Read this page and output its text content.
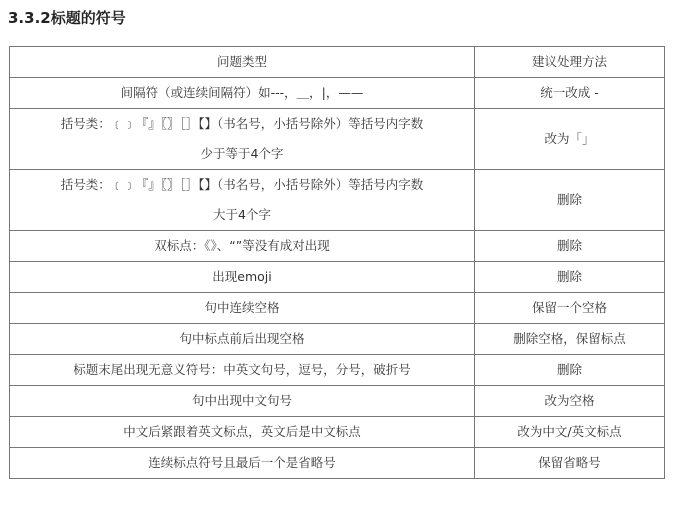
3.3.2标题的符号
问题类型	建议处理方法
间隔符（或连续间隔符）如---，＿，|，——	统一改成 -

括号类：﹝﹞『』〖〗［］【】（书名号，小括号除外）等括号内字数
少于等于4个字	改为「」

括号类：﹝﹞『』〖〗［］【】（书名号，小括号除外）等括号内字数
大于4个字	删除
双标点：《》、“”等没有成对出现	删除
出现emoji	删除
句中连续空格	保留一个空格
句中标点前后出现空格	删除空格，保留标点
标题末尾出现无意义符号：中英文句号，逗号，分号，破折号	删除
句中出现中文句号	改为空格
中文后紧跟着英文标点，英文后是中文标点	改为中文/英文标点
连续标点符号且最后一个是省略号	保留省略号
